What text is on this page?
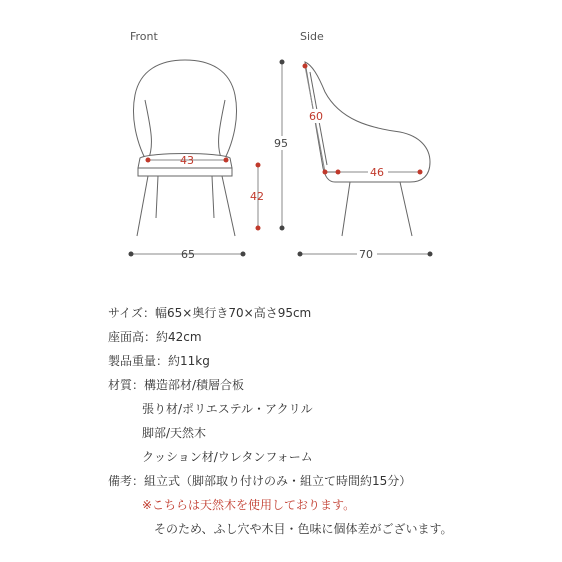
Front	Side
43
42
65
95
60
46
70
サイズ：幅65×奥行き70×高さ95cm
座面高：約42cm
製品重量：約11kg
材質：構造部材/積層合板
張り材/ポリエステル・アクリル
脚部/天然木
クッション材/ウレタンフォーム
備考：組立式（脚部取り付けのみ・組立て時間約15分）
※こちらは天然木を使用しております。
そのため、ふし穴や木目・色味に個体差がございます。
